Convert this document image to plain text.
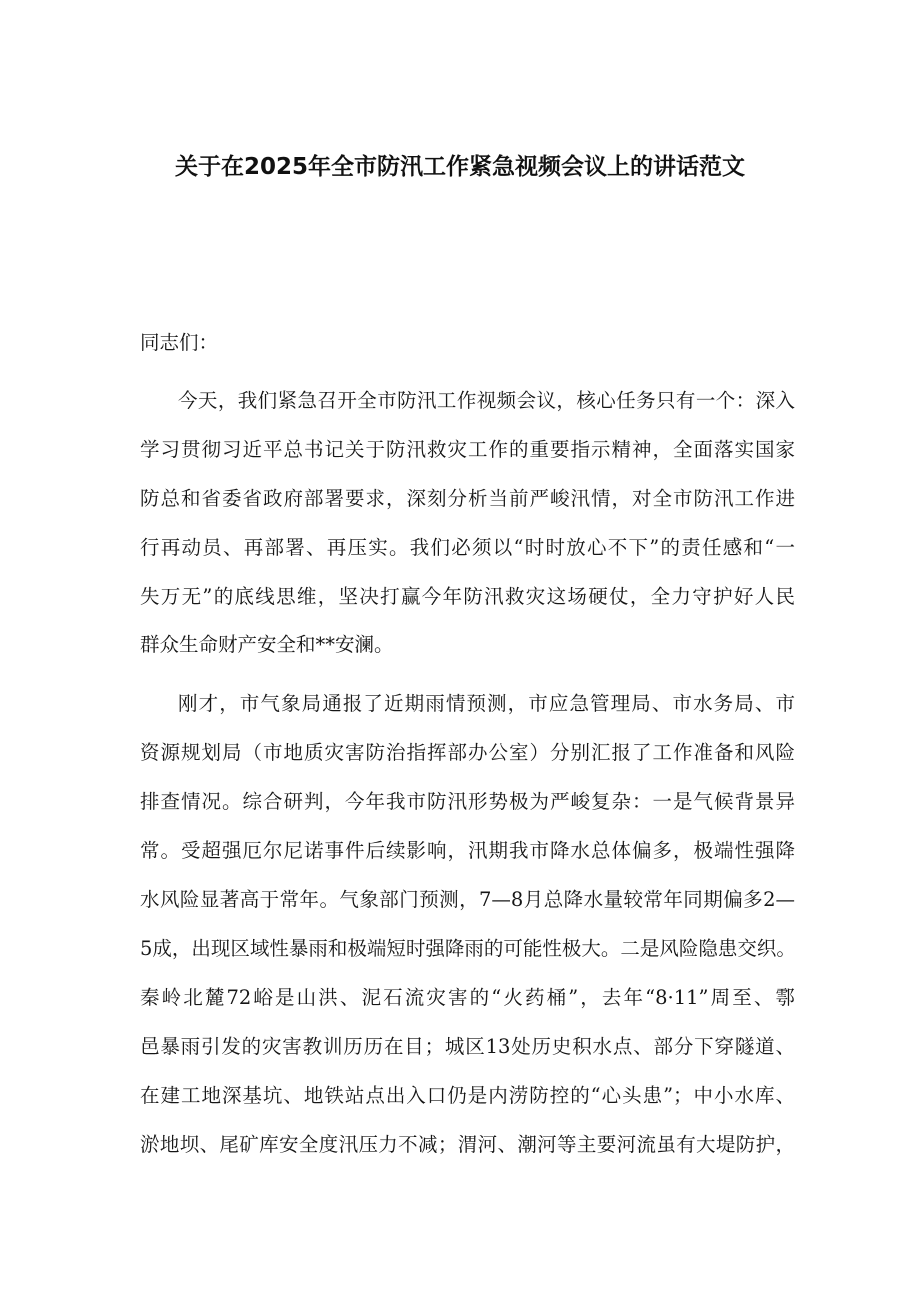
关于在2025年全市防汛工作紧急视频会议上的讲话范文
同志们：
今天，我们紧急召开全市防汛工作视频会议，核心任务只有一个：深入
学习贯彻习近平总书记关于防汛救灾工作的重要指示精神，全面落实国家
防总和省委省政府部署要求，深刻分析当前严峻汛情，对全市防汛工作进
行再动员、再部署、再压实。我们必须以“时时放心不下”的责任感和“一
失万无”的底线思维，坚决打赢今年防汛救灾这场硬仗，全力守护好人民
群众生命财产安全和**安澜。
刚才，市气象局通报了近期雨情预测，市应急管理局、市水务局、市
资源规划局（市地质灾害防治指挥部办公室）分别汇报了工作准备和风险
排查情况。综合研判，今年我市防汛形势极为严峻复杂：一是气候背景异
常。受超强厄尔尼诺事件后续影响，汛期我市降水总体偏多，极端性强降
水风险显著高于常年。气象部门预测，7—8月总降水量较常年同期偏多2—
5成，出现区域性暴雨和极端短时强降雨的可能性极大。二是风险隐患交织。
秦岭北麓72峪是山洪、泥石流灾害的“火药桶”，去年“8·11”周至、鄠
邑暴雨引发的灾害教训历历在目；城区13处历史积水点、部分下穿隧道、
在建工地深基坑、地铁站点出入口仍是内涝防控的“心头患”；中小水库、
淤地坝、尾矿库安全度汛压力不减；渭河、潮河等主要河流虽有大堤防护，
